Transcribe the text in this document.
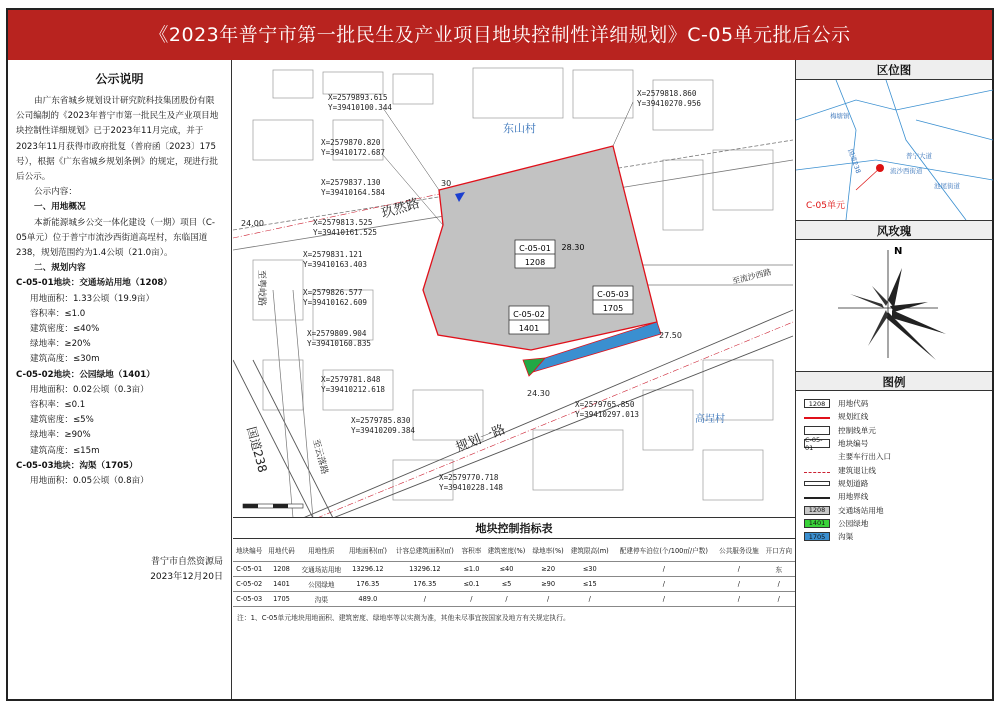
《2023年普宁市第一批民生及产业项目地块控制性详细规划》C-05单元批后公示
公示说明

由广东省城乡规划设计研究院科技集团股份有限公司编制的《2023年普宁市第一批民生及产业项目地块控制性详细规划》已于2023年11月完成，并于2023年11月获得市政府批复（普府函〔2023〕175号），根据《广东省城乡规划条例》的规定，现进行批后公示。

公示内容：

一、用地概况

本新能源城乡公交一体化建设（一期）项目（C-05单元）位于普宁市流沙西街道高埕村，东临国道238，规划范围约为1.4公顷（21.0亩）。

二、规划内容

C-05-01地块：交通场站用地（1208）

用地面积：1.33公顷（19.9亩）

容积率：≤1.0

建筑密度：≤40%

绿地率：≥20%

建筑高度：≤30m

C-05-02地块：公园绿地（1401）

用地面积：0.02公顷（0.3亩）

容积率：≤0.1

建筑密度：≤5%

绿地率：≥90%

建筑高度：≤15m

C-05-03地块：沟渠（1705）

用地面积：0.05公顷（0.8亩）

普宁市自然资源局
2023年12月20日
C-05-01
1208
C-05-02
1401
C-05-03
1705
28.30
X=2579893.615
Y=39410100.344
X=2579818.860
Y=39410270.956
X=2579870.820
Y=39410172.687
X=2579837.130
Y=39410164.584
X=2579813.525
Y=39410161.525
X=2579831.121
Y=39410163.403
X=2579826.577
Y=39410162.609
X=2579809.904
Y=39410160.835
X=2579781.848
Y=39410212.618
X=2579785.830
Y=39410209.384
X=2579765.850
Y=39410297.013
X=2579770.718
Y=39410228.148
东山村
高埕村
玖然路
30
24.00
规划一路
24.30
至流沙西路
27.50
国道238	至云落路
至粤岐路
区位图
梅塘镇
流沙西街道
池尾街道
国道238	普宁大道
C-05单元
风玫瑰
N
图例
1208	用地代码
规划红线
控制线单元
C-05-01	地块编号
主要车行出入口
建筑退让线
规划道路
用地界线
1208	交通场站用地
1401	公园绿地
1705	沟渠
地块控制指标表
地块编号	用地代码	用地性质	用地面积(㎡)	计容总建筑面积(㎡)	容积率	建筑密度(%)	绿地率(%)	建筑限高(m)	配建停车泊位(个/100㎡/户数)	公共服务设施	开口方向
C-05-01	1208	交通场站用地	13296.12	13296.12	≤1.0	≤40	≥20	≤30	/	/	东
C-05-02	1401	公园绿地	176.35	176.35	≤0.1	≤5	≥90	≤15	/	/	/
C-05-03	1705	沟渠	489.0	/	/	/	/	/	/	/	/
注：1、C-05单元地块用地面积、建筑密度、绿地率等以实测为准，其他未尽事宜按国家及地方有关规定执行。
